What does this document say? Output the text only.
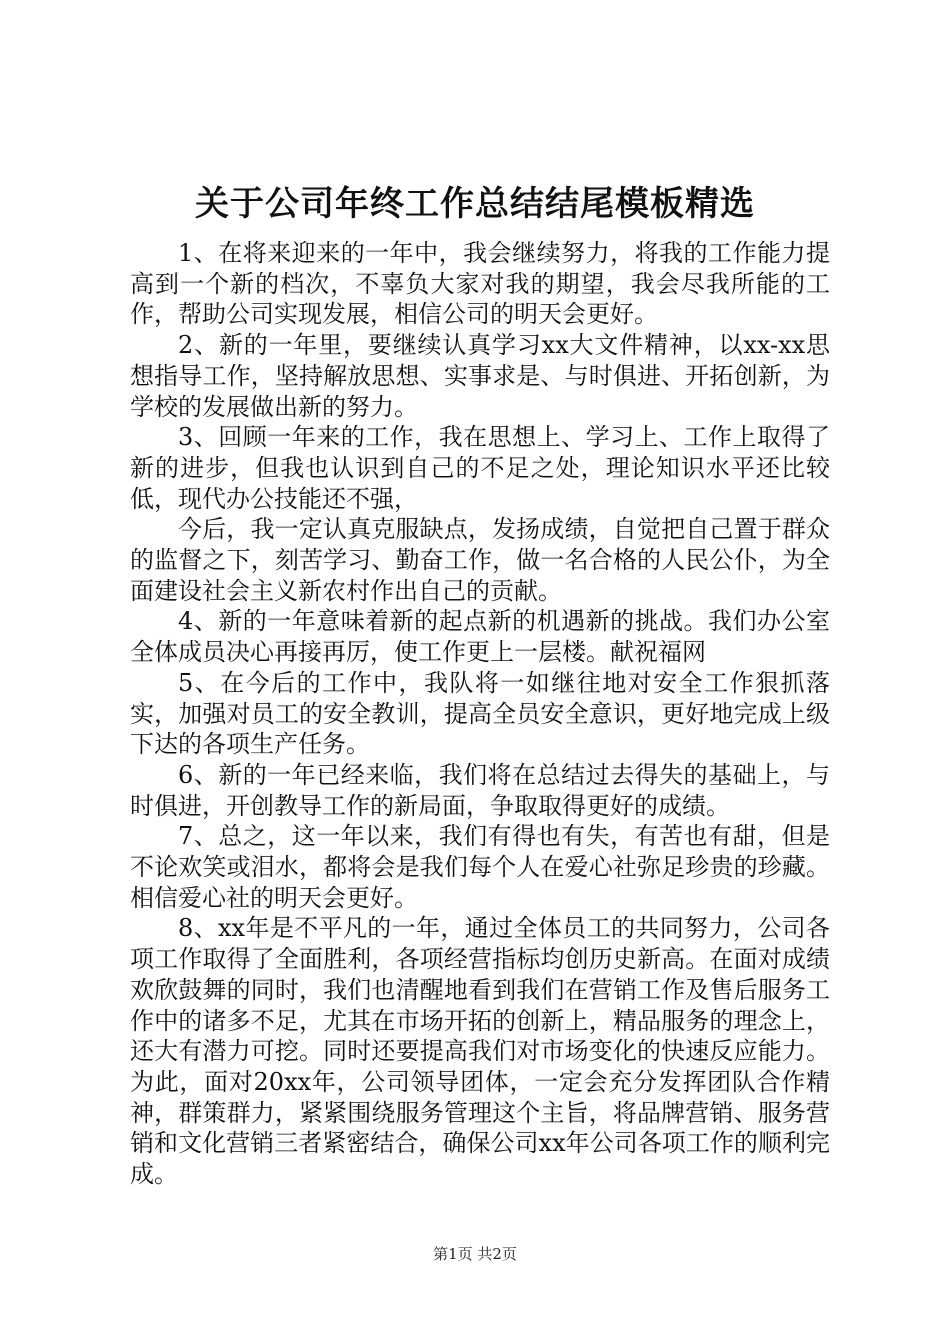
关于公司年终工作总结结尾模板精选

1、在将来迎来的一年中，我会继续努力，将我的工作能力提高到一个新的档次，不辜负大家对我的期望，我会尽我所能的工作，帮助公司实现发展，相信公司的明天会更好。

2、新的一年里，要继续认真学习xx大文件精神，以xx-xx思想指导工作，坚持解放思想、实事求是、与时俱进、开拓创新，为学校的发展做出新的努力。

3、回顾一年来的工作，我在思想上、学习上、工作上取得了新的进步，但我也认识到自己的不足之处，理论知识水平还比较低，现代办公技能还不强，

今后，我一定认真克服缺点，发扬成绩，自觉把自己置于群众的监督之下，刻苦学习、勤奋工作，做一名合格的人民公仆，为全面建设社会主义新农村作出自己的贡献。

4、新的一年意味着新的起点新的机遇新的挑战。我们办公室全体成员决心再接再厉，使工作更上一层楼。献祝福网

5、在今后的工作中，我队将一如继往地对安全工作狠抓落实，加强对员工的安全教训，提高全员安全意识，更好地完成上级下达的各项生产任务。

6、新的一年已经来临，我们将在总结过去得失的基础上，与时俱进，开创教导工作的新局面，争取取得更好的成绩。

7、总之，这一年以来，我们有得也有失，有苦也有甜，但是不论欢笑或泪水，都将会是我们每个人在爱心社弥足珍贵的珍藏。相信爱心社的明天会更好。

8、xx年是不平凡的一年，通过全体员工的共同努力，公司各项工作取得了全面胜利，各项经营指标均创历史新高。在面对成绩欢欣鼓舞的同时，我们也清醒地看到我们在营销工作及售后服务工作中的诸多不足，尤其在市场开拓的创新上，精品服务的理念上，还大有潜力可挖。同时还要提高我们对市场变化的快速反应能力。为此，面对20xx年，公司领导团体，一定会充分发挥团队合作精神，群策群力，紧紧围绕服务管理这个主旨，将品牌营销、服务营销和文化营销三者紧密结合，确保公司xx年公司各项工作的顺利完成。

第1页 共2页
